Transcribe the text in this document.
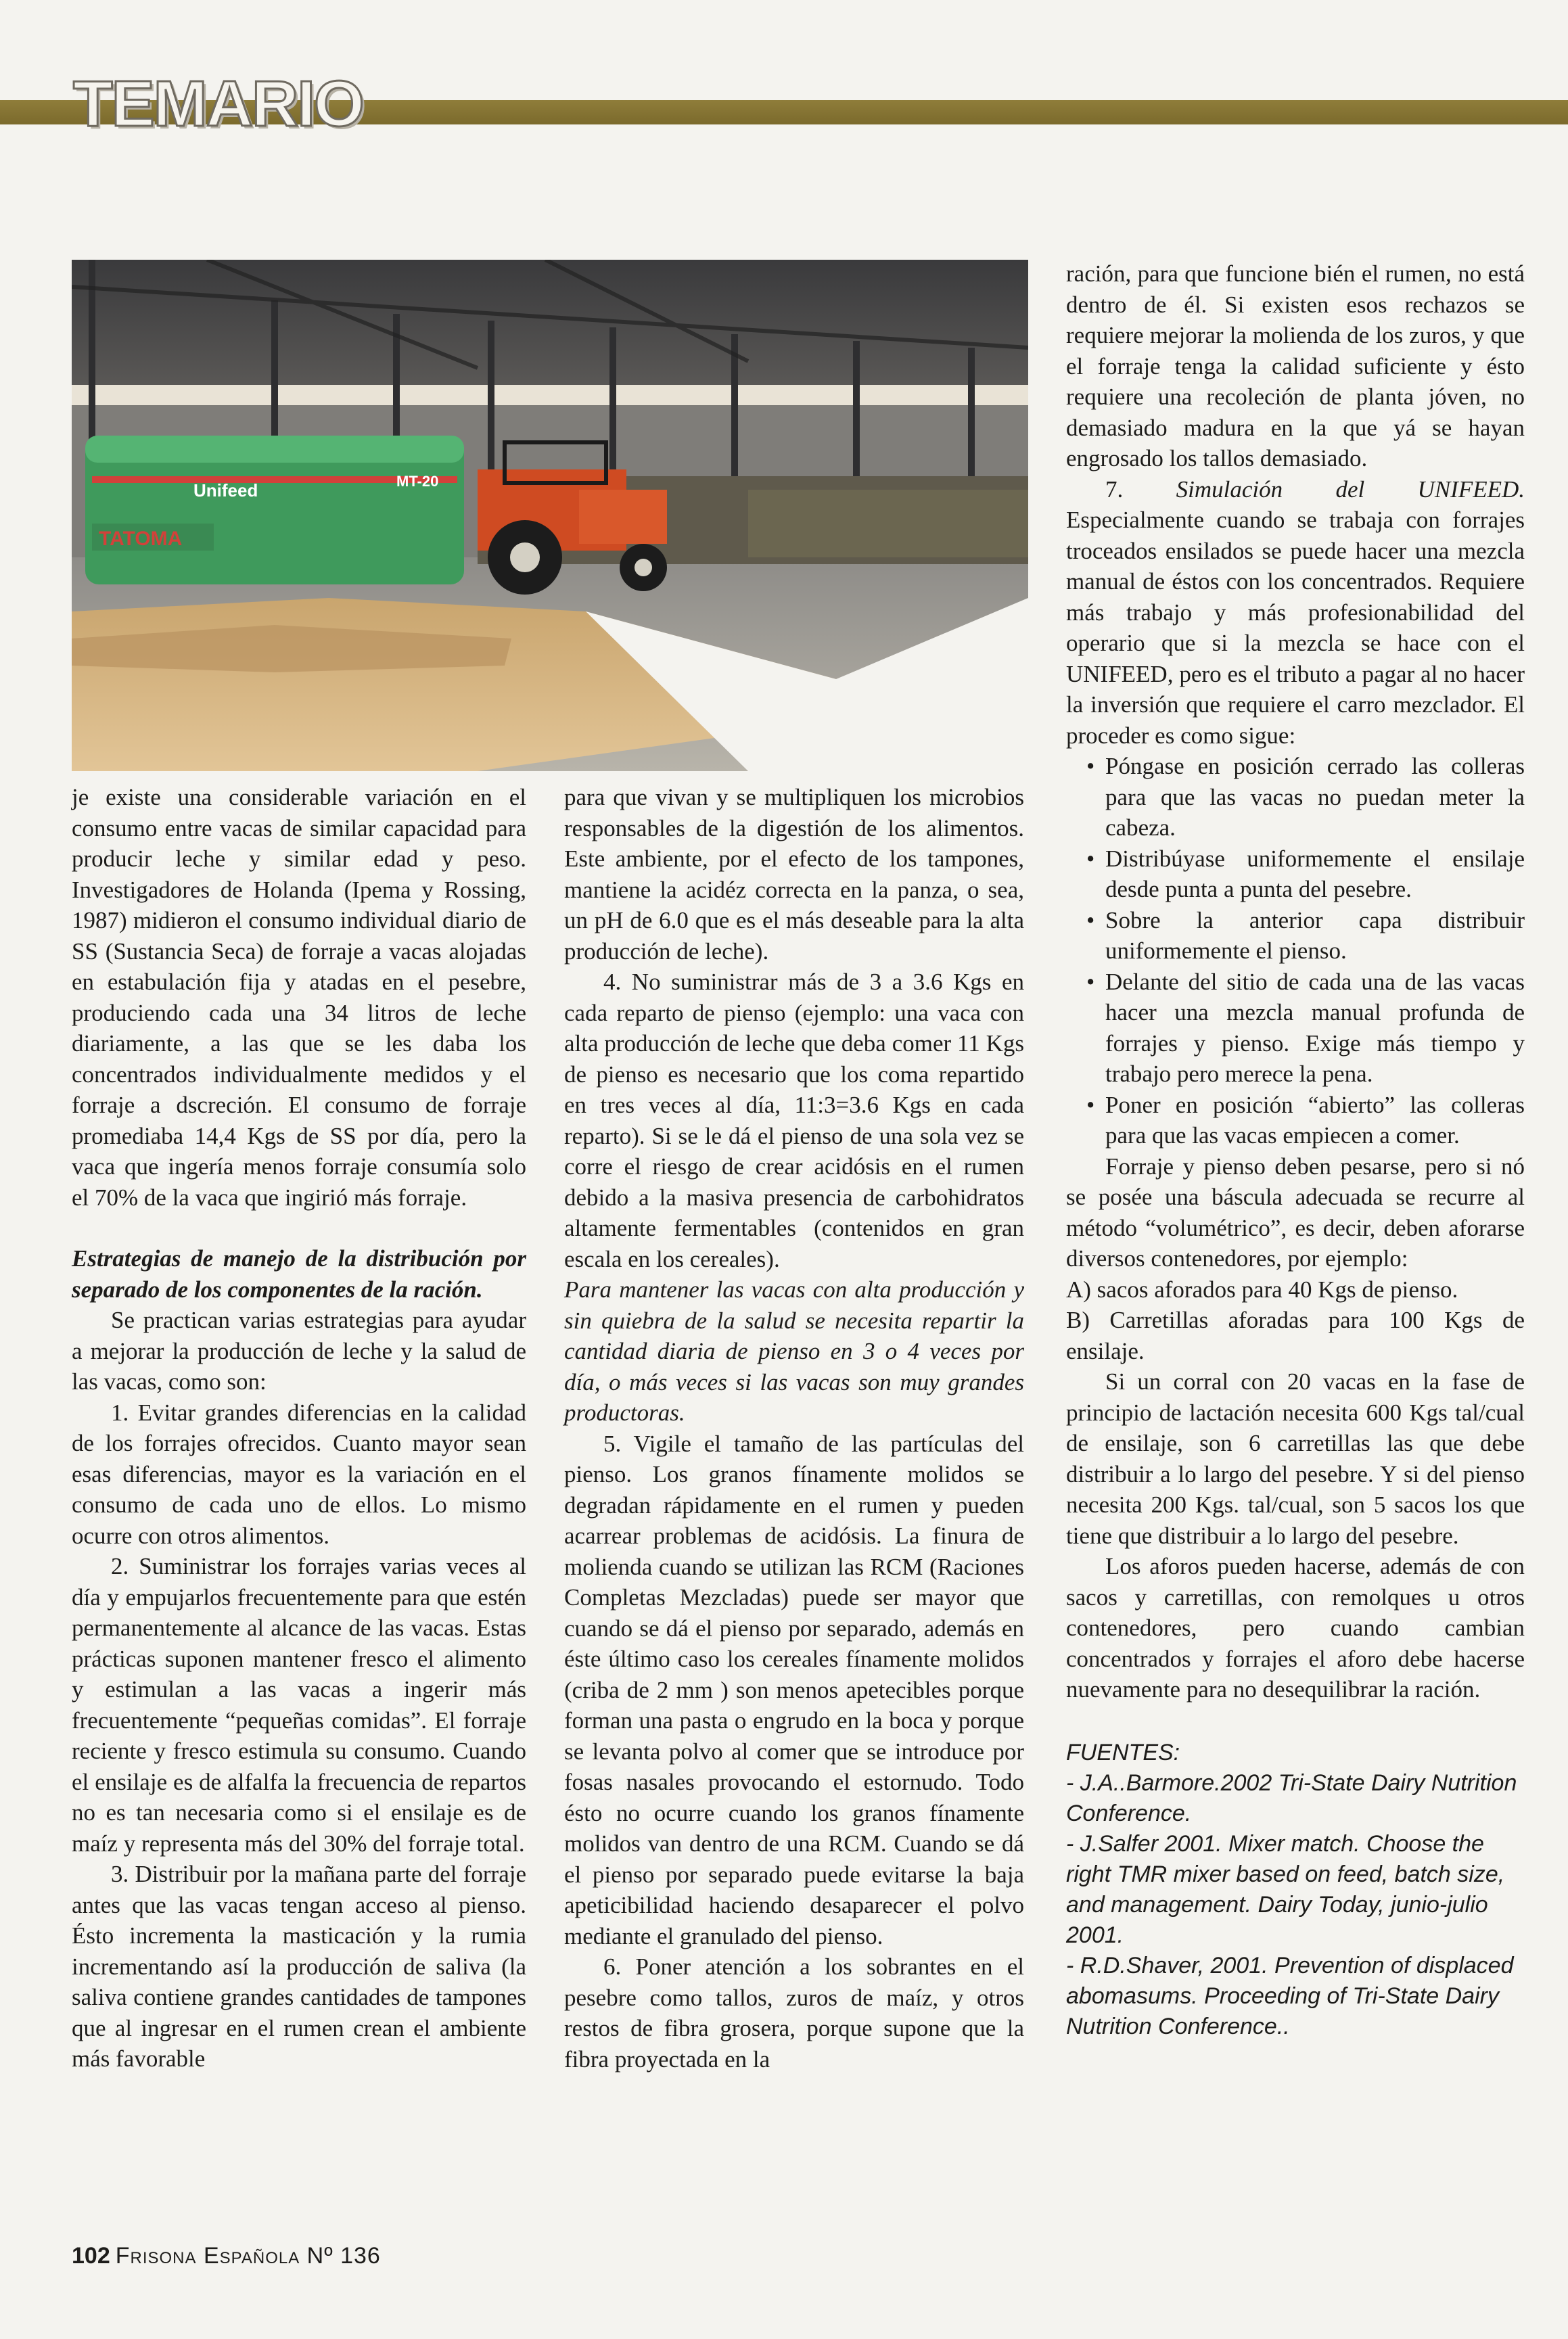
TEMARIO
TATOMA
Unifeed	MT-20

je existe una considerable variación en el consumo entre vacas de similar capacidad para producir leche y similar edad y peso. Investigadores de Holanda (Ipema y Rossing, 1987) midieron el consumo individual diario de SS (Sustancia Seca) de forraje a vacas alojadas en estabulación fija y atadas en el pesebre, produciendo cada una 34 litros de leche diariamente, a las que se les daba los concentrados individualmente medidos y el forraje a dscreción. El consumo de forraje promediaba 14,4 Kgs de SS por día, pero la vaca que ingería menos forraje consumía solo el 70% de la vaca que ingirió más forraje.

Estrategias de manejo de la distribución por separado de los componentes de la ración.

Se practican varias estrategias para ayudar a mejorar la producción de leche y la salud de las vacas, como son:

1. Evitar grandes diferencias en la calidad de los forrajes ofrecidos. Cuanto mayor sean esas diferencias, mayor es la variación en el consumo de cada uno de ellos. Lo mismo ocurre con otros alimentos.

2. Suministrar los forrajes varias veces al día y empujarlos frecuentemente para que estén permanentemente al alcance de las vacas. Estas prácticas suponen mantener fresco el alimento y estimulan a las vacas a ingerir más frecuentemente “pequeñas comidas”. El forraje reciente y fresco estimula su consumo. Cuando el ensilaje es de alfalfa la frecuencia de repartos no es tan necesaria como si el ensilaje es de maíz y representa más del 30% del forraje total.

3. Distribuir por la mañana parte del forraje antes que las vacas tengan acceso al pienso. Ésto incrementa la masticación y la rumia incrementando así la producción de saliva (la saliva contiene grandes cantidades de tampones que al ingresar en el rumen crean el ambiente más favorable

para que vivan y se multipliquen los microbios responsables de la digestión de los alimentos. Este ambiente, por el efecto de los tampones, mantiene la acidéz correcta en la panza, o sea, un pH de 6.0 que es el más deseable para la alta producción de leche).

4. No suministrar más de 3 a 3.6 Kgs en cada reparto de pienso (ejemplo: una vaca con alta producción de leche que deba comer 11 Kgs de pienso es necesario que los coma repartido en tres veces al día, 11:3=3.6 Kgs en cada reparto). Si se le dá el pienso de una sola vez se corre el riesgo de crear acidósis en el rumen debido a la masiva presencia de carbohidratos altamente fermentables (contenidos en gran escala en los cereales).

Para mantener las vacas con alta producción y sin quiebra de la salud se necesita repartir la cantidad diaria de pienso en 3 o 4 veces por día, o más veces si las vacas son muy grandes productoras.

5. Vigile el tamaño de las partículas del pienso. Los granos fínamente molidos se degradan rápidamente en el rumen y pueden acarrear problemas de acidósis. La finura de molienda cuando se utilizan las RCM (Raciones Completas Mezcladas) puede ser mayor que cuando se dá el pienso por separado, además en éste último caso los cereales fínamente molidos (criba de 2 mm ) son menos apetecibles porque forman una pasta o engrudo en la boca y porque se levanta polvo al comer que se introduce por fosas nasales provocando el estornudo. Todo ésto no ocurre cuando los granos fínamente molidos van dentro de una RCM. Cuando se dá el pienso por separado puede evitarse la baja apeticibilidad haciendo desaparecer el polvo mediante el granulado del pienso.

6. Poner atención a los sobrantes en el pesebre como tallos, zuros de maíz, y otros restos de fibra grosera, porque supone que la fibra proyectada en la

ración, para que funcione bién el rumen, no está dentro de él. Si existen esos rechazos se requiere mejorar la molienda de los zuros, y que el forraje tenga la calidad suficiente y ésto requiere una recoleción de planta jóven, no demasiado madura en la que yá se hayan engrosado los tallos demasiado.

7. Simulación del UNIFEED. Especialmente cuando se trabaja con forrajes troceados ensilados se puede hacer una mezcla manual de éstos con los concentrados. Requiere más trabajo y más profesionabilidad del operario que si la mezcla se hace con el UNIFEED, pero es el tributo a pagar al no hacer la inversión que requiere el carro mezclador. El proceder es como sigue:

• Póngase en posición cerrado las colleras para que las vacas no puedan meter la cabeza.

• Distribúyase uniformemente el ensilaje desde punta a punta del pesebre.

• Sobre la anterior capa distribuir uniformemente el pienso.

• Delante del sitio de cada una de las vacas hacer una mezcla manual profunda de forrajes y pienso. Exige más tiempo y trabajo pero merece la pena.

• Poner en posición “abierto” las colleras para que las vacas empiecen a comer.

Forraje y pienso deben pesarse, pero si nó se posée una báscula adecuada se recurre al método “volumétrico”, es decir, deben aforarse diversos contenedores, por ejemplo:

A) sacos aforados para 40 Kgs de pienso.

B) Carretillas aforadas para 100 Kgs de ensilaje.

Si un corral con 20 vacas en la fase de principio de lactación necesita 600 Kgs tal/cual de ensilaje, son 6 carretillas las que debe distribuir a lo largo del pesebre. Y si del pienso necesita 200 Kgs. tal/cual, son 5 sacos los que tiene que distribuir a lo largo del pesebre.

Los aforos pueden hacerse, además de con sacos y carretillas, con remolques u otros contenedores, pero cuando cambian concentrados y forrajes el aforo debe hacerse nuevamente para no desequilibrar la ración.

FUENTES:

- J.A..Barmore.2002 Tri-State Dairy Nutrition Conference.

- J.Salfer 2001. Mixer match. Choose the right TMR mixer based on feed, batch size, and management. Dairy Today, junio-julio 2001.

- R.D.Shaver, 2001. Prevention of displaced abomasums. Proceeding of Tri-State Dairy Nutrition Conference..

102 Frisona Española Nº 136
